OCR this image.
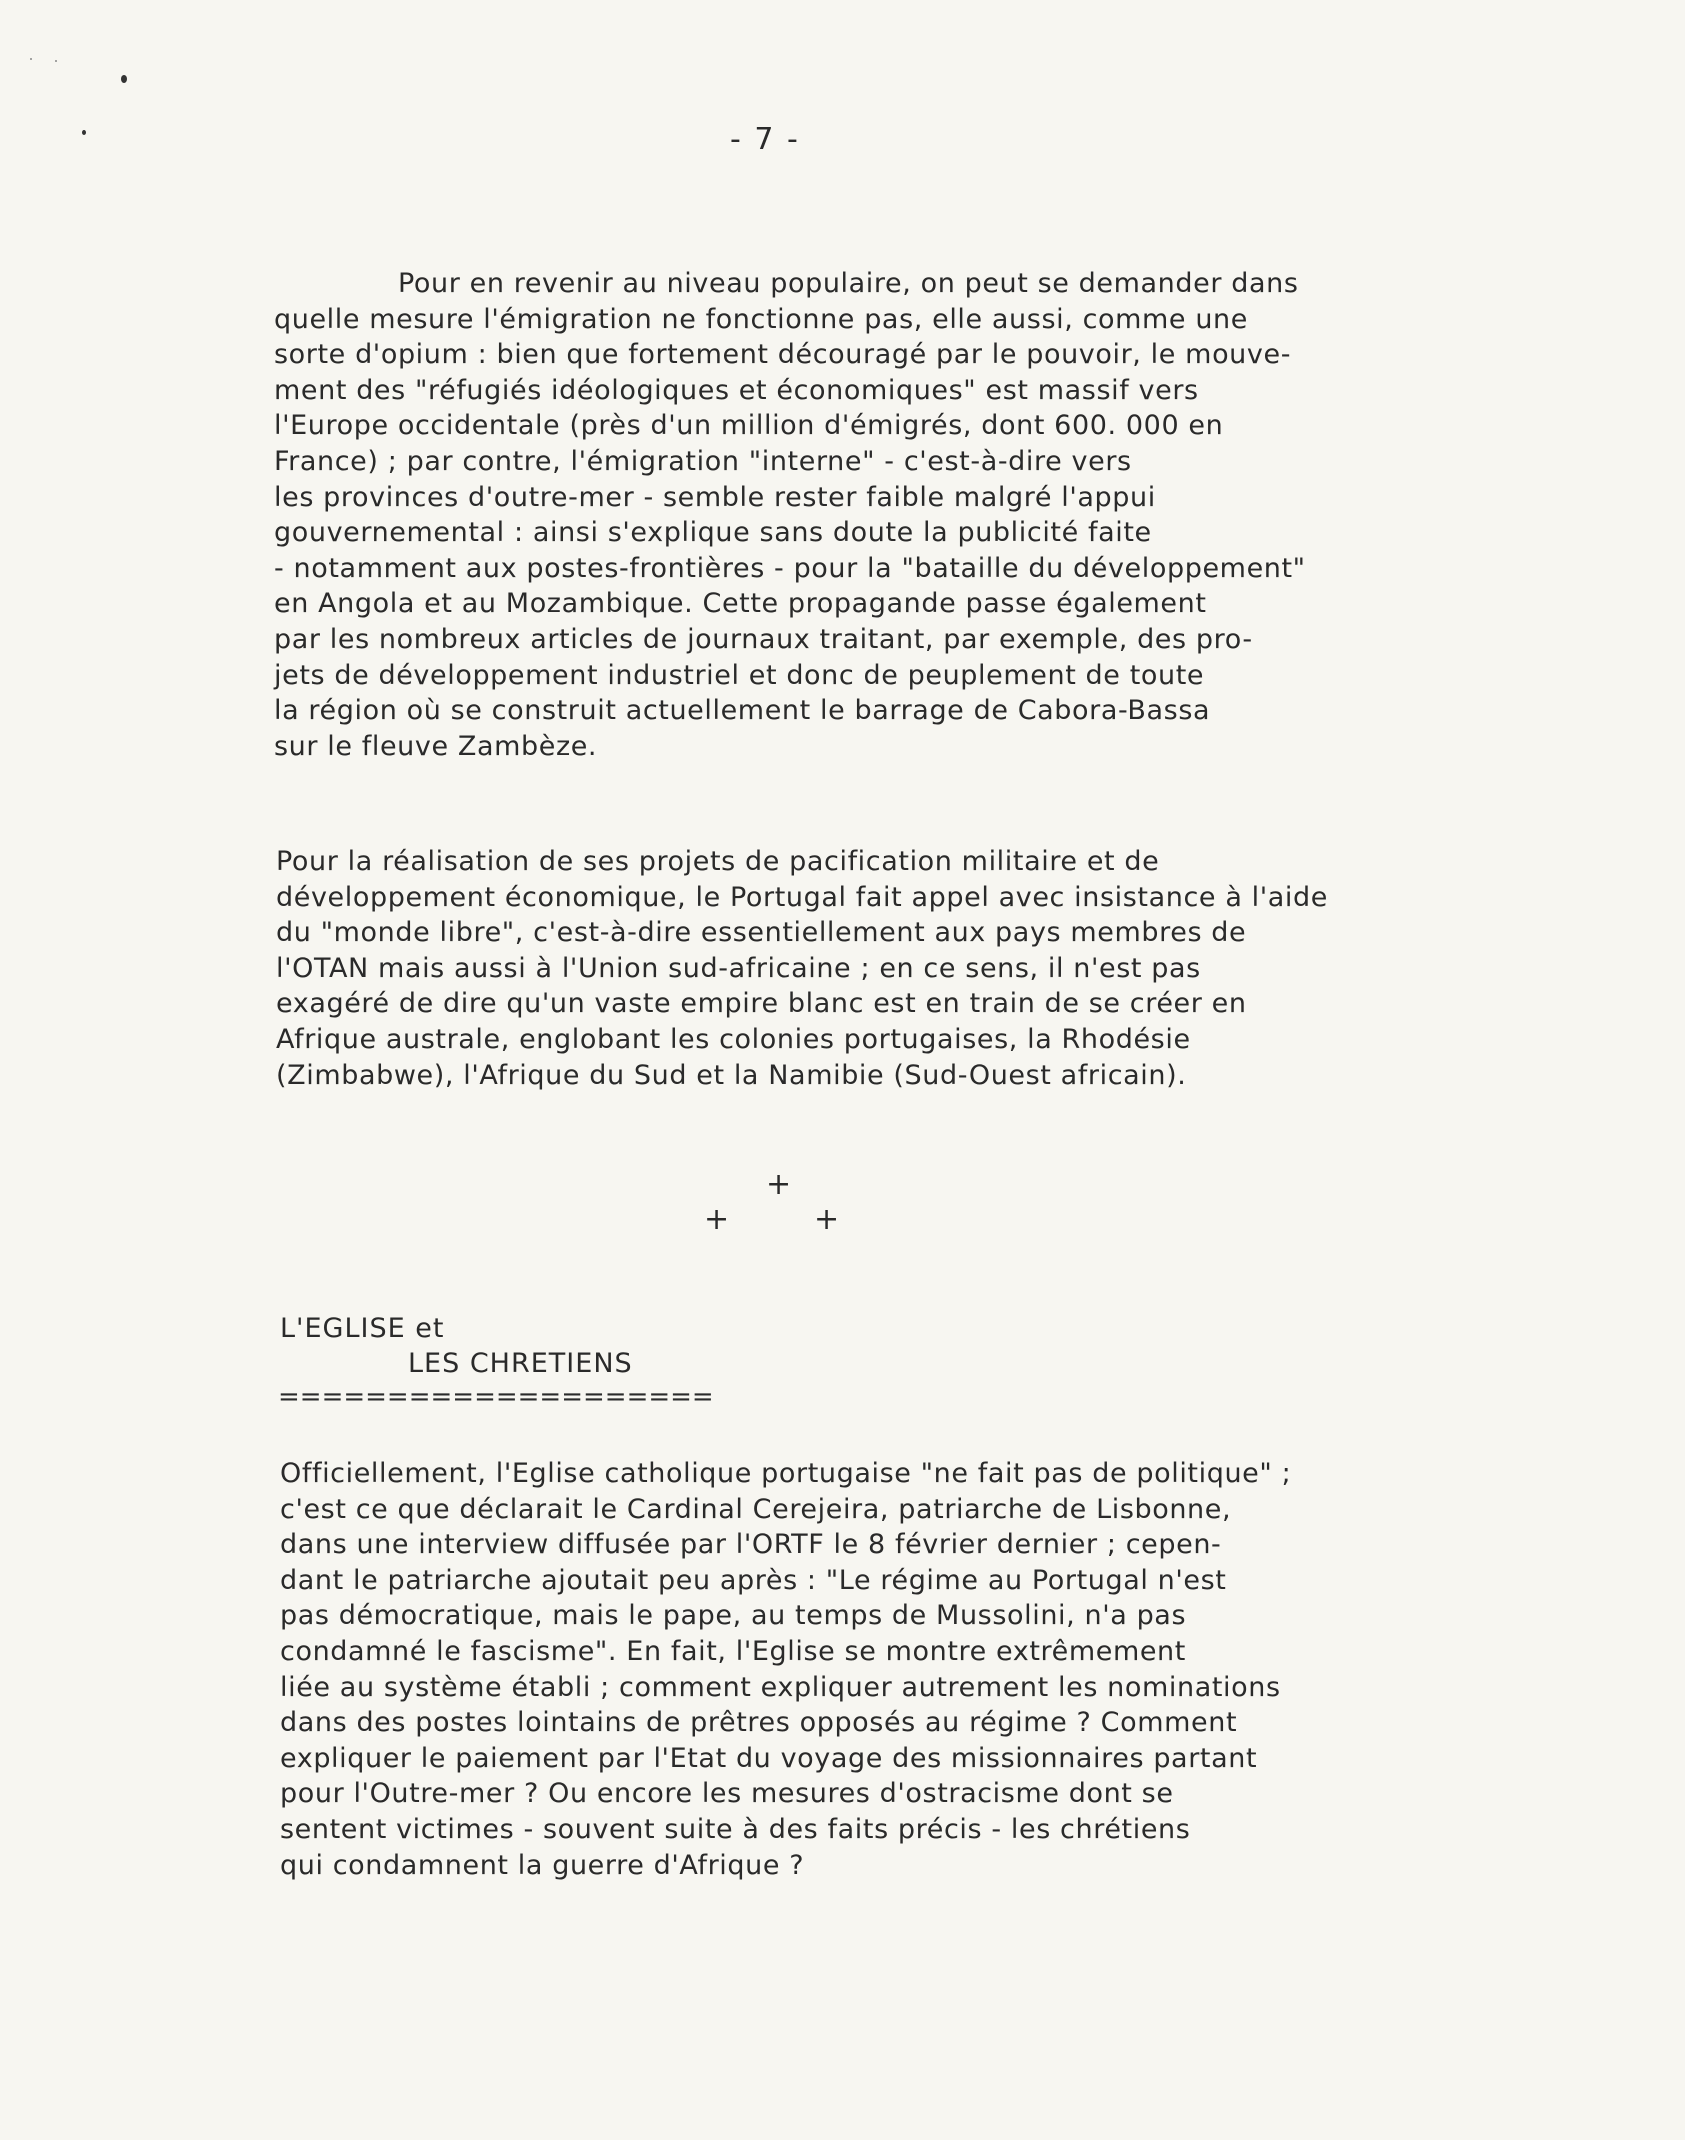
- 7 -

Pour en revenir au niveau populaire, on peut se demander dans
quelle mesure l'émigration ne fonctionne pas, elle aussi, comme une
sorte d'opium : bien que fortement découragé par le pouvoir, le mouve-
ment des "réfugiés idéologiques et économiques" est massif vers
l'Europe occidentale (près d'un million d'émigrés, dont 600. 000 en
France) ; par contre, l'émigration "interne" - c'est-à-dire vers
les provinces d'outre-mer - semble rester faible malgré l'appui
gouvernemental : ainsi s'explique sans doute la publicité faite
- notamment aux postes-frontières - pour la "bataille du développement"
en Angola et au Mozambique. Cette propagande passe également
par les nombreux articles de journaux traitant, par exemple, des pro-
jets de développement industriel et donc de peuplement de toute
la région où se construit actuellement le barrage de Cabora-Bassa
sur le fleuve Zambèze.

Pour la réalisation de ses projets de pacification militaire et de
développement économique, le Portugal fait appel avec insistance à l'aide
du "monde libre", c'est-à-dire essentiellement aux pays membres de
l'OTAN mais aussi à l'Union sud-africaine ; en ce sens, il n'est pas
exagéré de dire qu'un vaste empire blanc est en train de se créer en
Afrique australe, englobant les colonies portugaises, la Rhodésie
(Zimbabwe), l'Afrique du Sud et la Namibie (Sud-Ouest africain).

+
+	+
L'EGLISE et
LES CHRETIENS
====================

Officiellement, l'Eglise catholique portugaise "ne fait pas de politique" ;
c'est ce que déclarait le Cardinal Cerejeira, patriarche de Lisbonne,
dans une interview diffusée par l'ORTF le 8 février dernier ; cepen-
dant le patriarche ajoutait peu après : "Le régime au Portugal n'est
pas démocratique, mais le pape, au temps de Mussolini, n'a pas
condamné le fascisme". En fait, l'Eglise se montre extrêmement
liée au système établi ; comment expliquer autrement les nominations
dans des postes lointains de prêtres opposés au régime ? Comment
expliquer le paiement par l'Etat du voyage des missionnaires partant
pour l'Outre-mer ? Ou encore les mesures d'ostracisme dont se
sentent victimes - souvent suite à des faits précis - les chrétiens
qui condamnent la guerre d'Afrique ?
